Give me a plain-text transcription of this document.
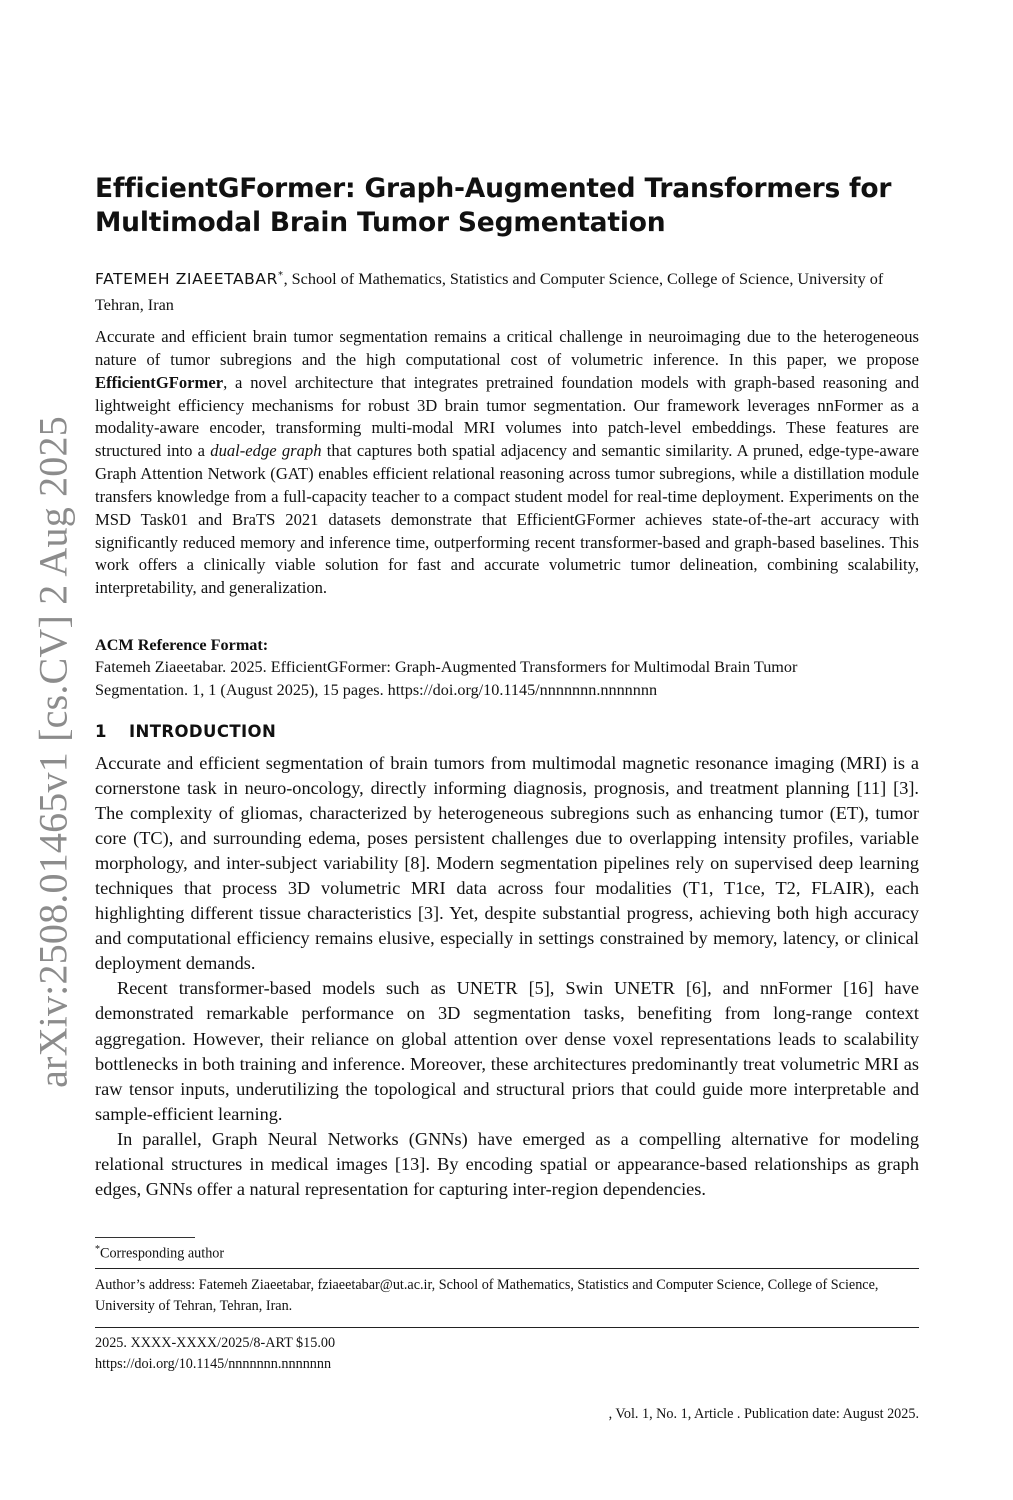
arXiv:2508.01465v1 [cs.CV] 2 Aug 2025
EfficientGFormer: Graph-Augmented Transformers for
Multimodal Brain Tumor Segmentation
FATEMEH ZIAEETABAR*, School of Mathematics, Statistics and Computer Science, College of Science, University of Tehran, Iran

Accurate and efficient brain tumor segmentation remains a critical challenge in neuroimaging due to the heterogeneous nature of tumor subregions and the high computational cost of volumetric inference. In this paper, we propose EfficientGFormer, a novel architecture that integrates pretrained foundation models with graph-based reasoning and lightweight efficiency mechanisms for robust 3D brain tumor segmentation. Our framework leverages nnFormer as a modality-aware encoder, transforming multi-modal MRI volumes into patch-level embeddings. These features are structured into a dual-edge graph that captures both spatial adjacency and semantic similarity. A pruned, edge-type-aware Graph Attention Network (GAT) enables efficient relational reasoning across tumor subregions, while a distillation module transfers knowledge from a full-capacity teacher to a compact student model for real-time deployment. Experiments on the MSD Task01 and BraTS 2021 datasets demonstrate that EfficientGFormer achieves state-of-the-art accuracy with significantly reduced memory and inference time, outperforming recent transformer-based and graph-based baselines. This work offers a clinically viable solution for fast and accurate volumetric tumor delineation, combining scalability, interpretability, and generalization.

ACM Reference Format:
Fatemeh Ziaeetabar. 2025. EfficientGFormer: Graph-Augmented Transformers for Multimodal Brain Tumor
Segmentation. 1, 1 (August 2025), 15 pages. https://doi.org/10.1145/nnnnnnn.nnnnnnn
1 INTRODUCTION

Accurate and efficient segmentation of brain tumors from multimodal magnetic resonance imaging (MRI) is a cornerstone task in neuro-oncology, directly informing diagnosis, prognosis, and treatment planning [11] [3]. The complexity of gliomas, characterized by heterogeneous subregions such as enhancing tumor (ET), tumor core (TC), and surrounding edema, poses persistent challenges due to overlapping intensity profiles, variable morphology, and inter-subject variability [8]. Modern segmentation pipelines rely on supervised deep learning techniques that process 3D volumetric MRI data across four modalities (T1, T1ce, T2, FLAIR), each highlighting different tissue characteristics [3]. Yet, despite substantial progress, achieving both high accuracy and computational efficiency remains elusive, especially in settings constrained by memory, latency, or clinical deployment demands.

Recent transformer-based models such as UNETR [5], Swin UNETR [6], and nnFormer [16] have demonstrated remarkable performance on 3D segmentation tasks, benefiting from long-range context aggregation. However, their reliance on global attention over dense voxel representations leads to scalability bottlenecks in both training and inference. Moreover, these architectures predominantly treat volumetric MRI as raw tensor inputs, underutilizing the topological and structural priors that could guide more interpretable and sample-efficient learning.

In parallel, Graph Neural Networks (GNNs) have emerged as a compelling alternative for modeling relational structures in medical images [13]. By encoding spatial or appearance-based relationships as graph edges, GNNs offer a natural representation for capturing inter-region dependencies.

*Corresponding author
Author’s address: Fatemeh Ziaeetabar, fziaeetabar@ut.ac.ir, School of Mathematics, Statistics and Computer Science, College of Science, University of Tehran, Tehran, Iran.
2025. XXXX-XXXX/2025/8-ART $15.00
https://doi.org/10.1145/nnnnnnn.nnnnnnn
, Vol. 1, No. 1, Article . Publication date: August 2025.
